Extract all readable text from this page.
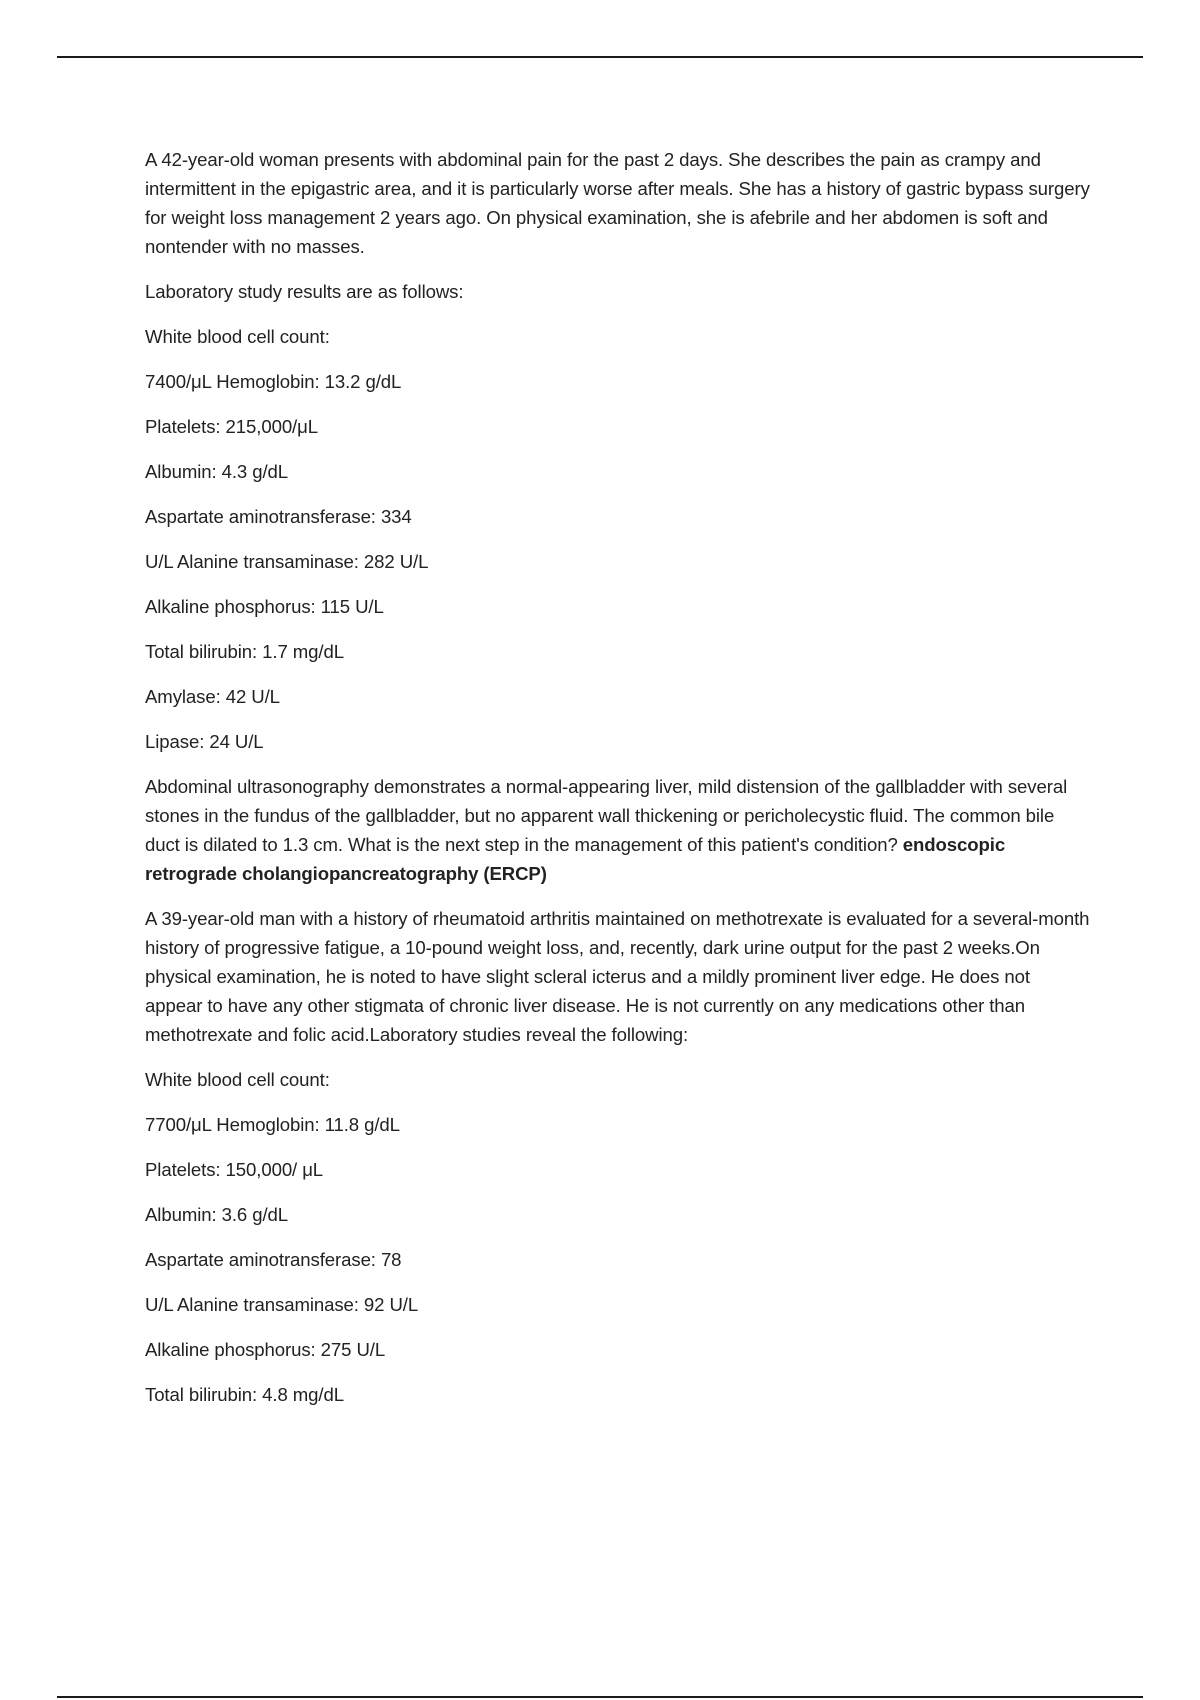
A 42-year-old woman presents with abdominal pain for the past 2 days. She describes the pain as crampy and intermittent in the epigastric area, and it is particularly worse after meals. She has a history of gastric bypass surgery for weight loss management 2 years ago. On physical examination, she is afebrile and her abdomen is soft and nontender with no masses.

Laboratory study results are as follows:

White blood cell count:

7400/μL Hemoglobin: 13.2 g/dL

Platelets: 215,000/μL

Albumin: 4.3 g/dL

Aspartate aminotransferase: 334

U/L Alanine transaminase: 282 U/L

Alkaline phosphorus: 115 U/L

Total bilirubin: 1.7 mg/dL

Amylase: 42 U/L

Lipase: 24 U/L

Abdominal ultrasonography demonstrates a normal-appearing liver, mild distension of the gallbladder with several stones in the fundus of the gallbladder, but no apparent wall thickening or pericholecystic fluid. The common bile duct is dilated to 1.3 cm. What is the next step in the management of this patient's condition? endoscopic retrograde cholangiopancreatography (ERCP)

A 39-year-old man with a history of rheumatoid arthritis maintained on methotrexate is evaluated for a several-month history of progressive fatigue, a 10-pound weight loss, and, recently, dark urine output for the past 2 weeks.On physical examination, he is noted to have slight scleral icterus and a mildly prominent liver edge. He does not appear to have any other stigmata of chronic liver disease. He is not currently on any medications other than methotrexate and folic acid.Laboratory studies reveal the following:

White blood cell count:

7700/μL Hemoglobin: 11.8 g/dL

Platelets: 150,000/ μL

Albumin: 3.6 g/dL

Aspartate aminotransferase: 78

U/L Alanine transaminase: 92 U/L

Alkaline phosphorus: 275 U/L

Total bilirubin: 4.8 mg/dL
